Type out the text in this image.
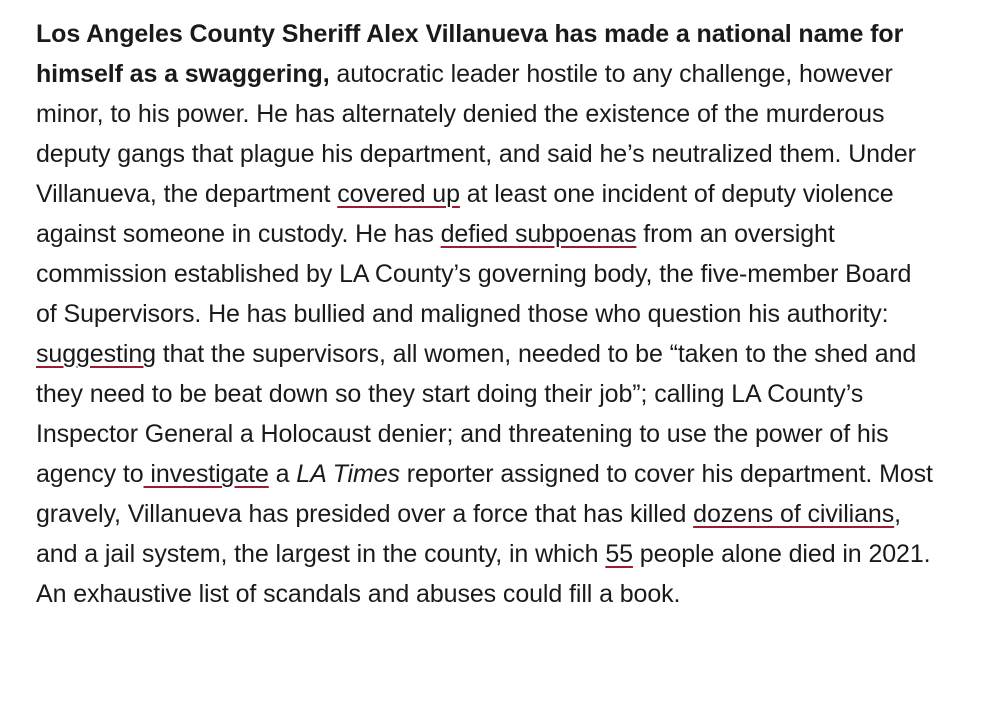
Los Angeles County Sheriff Alex Villanueva has made a national name for himself as a swaggering, autocratic leader hostile to any challenge, however minor, to his power. He has alternately denied the existence of the murderous deputy gangs that plague his department, and said he’s neutralized them. Under Villanueva, the department covered up at least one incident of deputy violence against someone in custody. He has defied subpoenas from an oversight commission established by LA County’s governing body, the five-member Board of Supervisors. He has bullied and maligned those who question his authority: suggesting that the supervisors, all women, needed to be “taken to the shed and they need to be beat down so they start doing their job”; calling LA County’s Inspector General a Holocaust denier; and threatening to use the power of his agency to investigate a LA Times reporter assigned to cover his department. Most gravely, Villanueva has presided over a force that has killed dozens of civilians, and a jail system, the largest in the county, in which 55 people alone died in 2021. An exhaustive list of scandals and abuses could fill a book.
